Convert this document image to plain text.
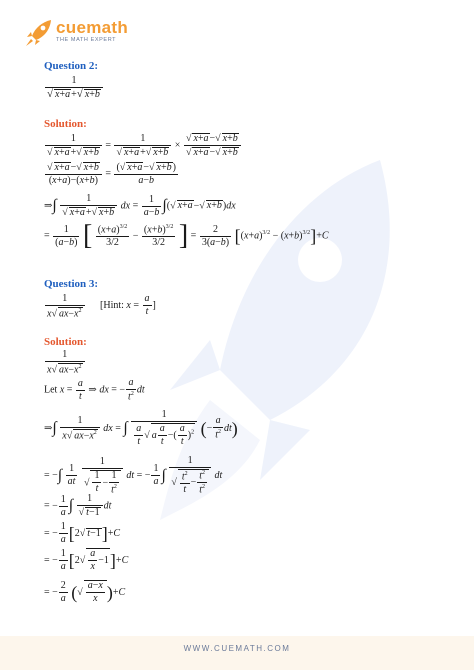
cuemath
THE MATH EXPERT
Question 2:
$\frac{1}{√ x+a+√ x+b}$
Solution:
$\frac{1}{√ x+a+√ x+b} = \frac{1}{√ x+a+√ x+b} \times \frac{√ x+a-√ x+b}{√ x+a-√ x+b}$
$\frac{√ x+a-√ x+b}{(x+a)-(x+b)} = \frac{(√ x+a-√ x+b)}{a-b}$
⇒∫ $\frac{1}{√ x+a+√ x+b}$ dx = $\frac{1}{a-b}$ ∫(√ x+a−√ x+b)dx
= $\frac{1}{(a-b)}$ [ $\frac{(x+a)^{3/2}}{3/2} - \frac{(x+b)^{3/2}}{3/2}$ ] = $\frac{2}{3(a-b)} [(x+a)^{3/2} - (x+b)^{3/2}]+C$
Question 3:
$\frac{1}{x√ ax-x^2}$ [Hint: $x = \frac{a}{t}$ ]
Solution:
$\frac{1}{x√ ax-x^2}$
Let $x = \frac{a}{t}$ ⇒ dx = − $\frac{a}{t^2}$ dt
⇒∫ $\frac{1}{x√ ax-x^2}$ dx = ∫ $\frac{1}{\frac{a}{t} √ a \frac{a}{t} -( \frac{a}{t} )^2}$ (− $\frac{a}{t^2} dt$)
= −∫ $\frac{1}{at}$
$\frac{1}{√ \frac{1}{t} - \frac{1}{t^2}}$ dt = − $\frac{1}{a}$ ∫ $\frac{1}{√ \frac{t^2}{t} - \frac{t^2}{t^2}}$ dt
= − $\frac{1}{a}$ ∫ $\frac{1}{√ t-1}$ dt
= − $\frac{1}{a} [2√$ t−1]+C
= − $\frac{1}{a} [2√ \frac{a}{x} -1]+C$
= − $\frac{2}{a}$ (√ $\frac{a-x}{x} )+C$
WWW.CUEMATH.COM
